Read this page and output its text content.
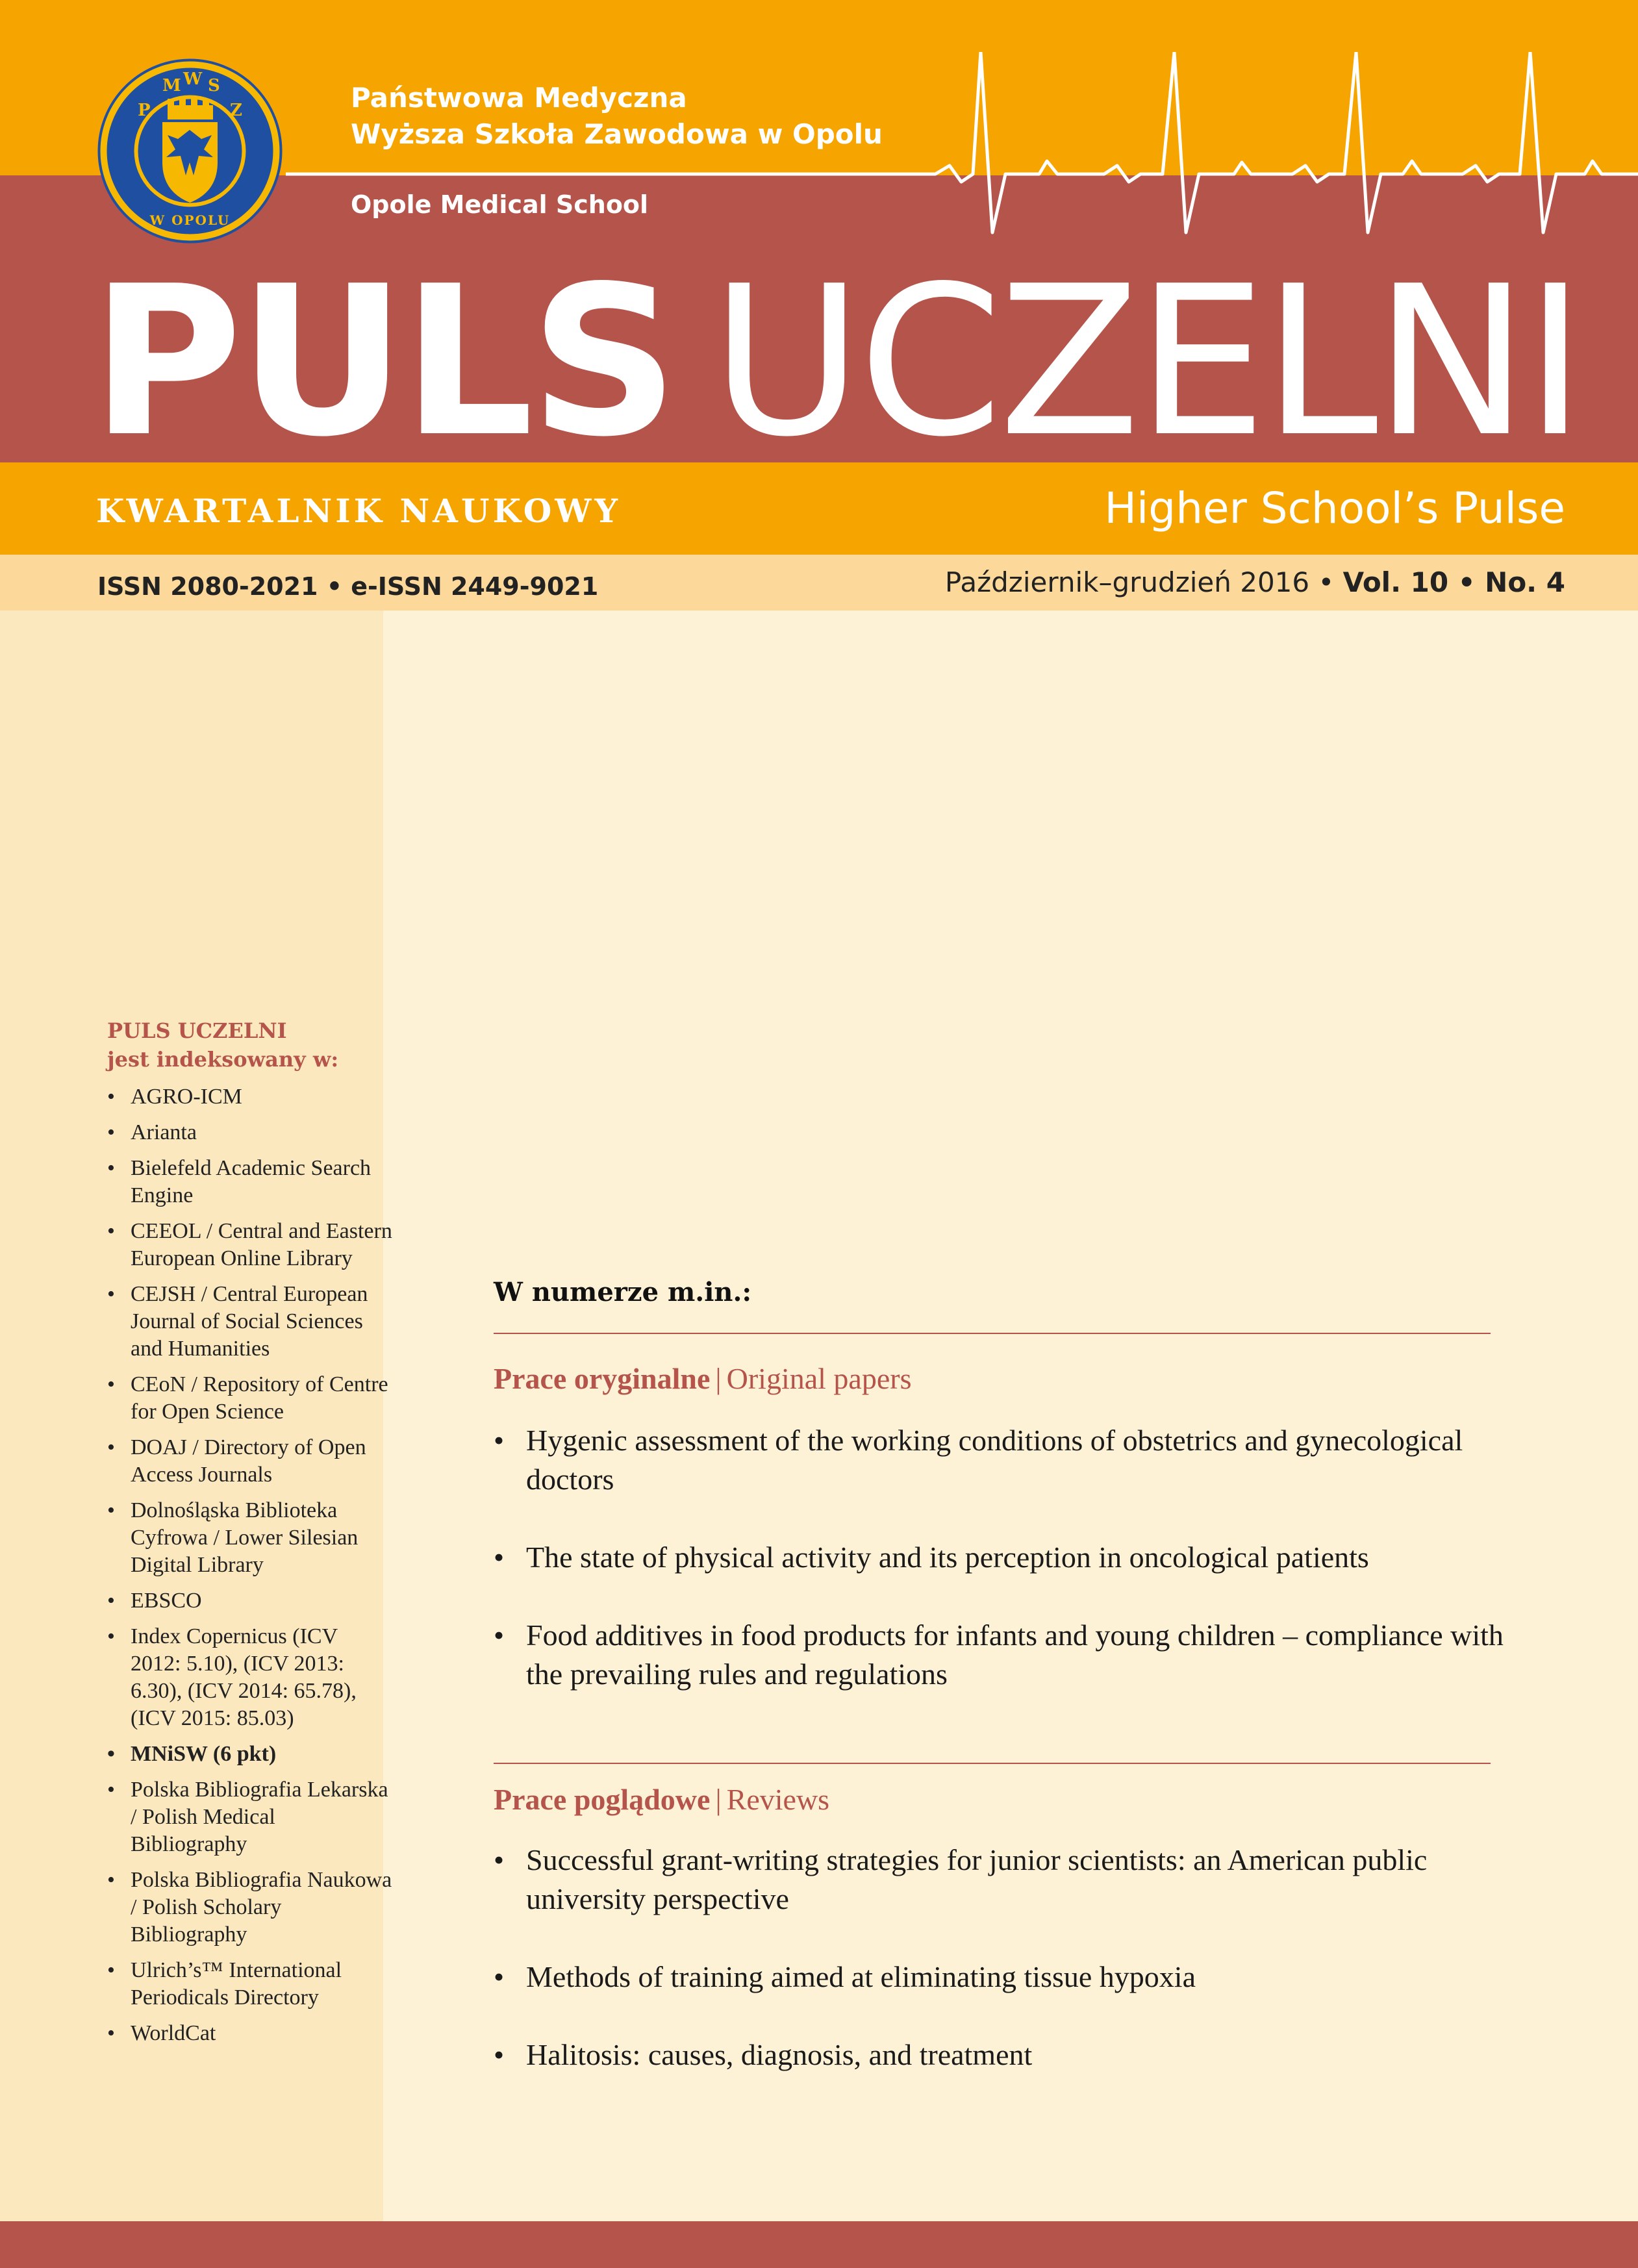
P
M W S
Z
W OPOLU
Państwowa Medyczna
Wyższa Szkoła Zawodowa w Opolu
Opole Medical School
PULS UCZELNI
KWARTALNIK NAUKOWY	Higher School’s Pulse
ISSN 2080-2021 • e-ISSN 2449-9021	Październik–grudzień 2016 • Vol. 10 • No. 4
PULS UCZELNI
jest indeksowany w:
• AGRO-ICM
• Arianta
• Bielefeld Academic Search Engine
• CEEOL / Central and Eastern European Online Library
• CEJSH / Central European Journal of Social Sciences and Humanities
• CEoN / Repository of Centre for Open Science
• DOAJ / Directory of Open Access Journals
• Dolnośląska Biblioteka Cyfrowa / Lower Silesian Digital Library
• EBSCO
• Index Copernicus (ICV 2012: 5.10), (ICV 2013: 6.30), (ICV 2014: 65.78), (ICV 2015: 85.03)
• MNiSW (6 pkt)
• Polska Bibliografia Lekarska / Polish Medical Bibliography
• Polska Bibliografia Naukowa / Polish Scholary Bibliography
• Ulrich’s™ International Periodicals Directory
• WorldCat
W numerze m.in.:
Prace oryginalne | Original papers
• Hygenic assessment of the working conditions of obstetrics and gynecological doctors
• The state of physical activity and its perception in oncological patients
• Food additives in food products for infants and young children – compliance with the prevailing rules and regulations
Prace poglądowe | Reviews
• Successful grant-writing strategies for junior scientists: an American public university perspective
• Methods of training aimed at eliminating tissue hypoxia
• Halitosis: causes, diagnosis, and treatment
